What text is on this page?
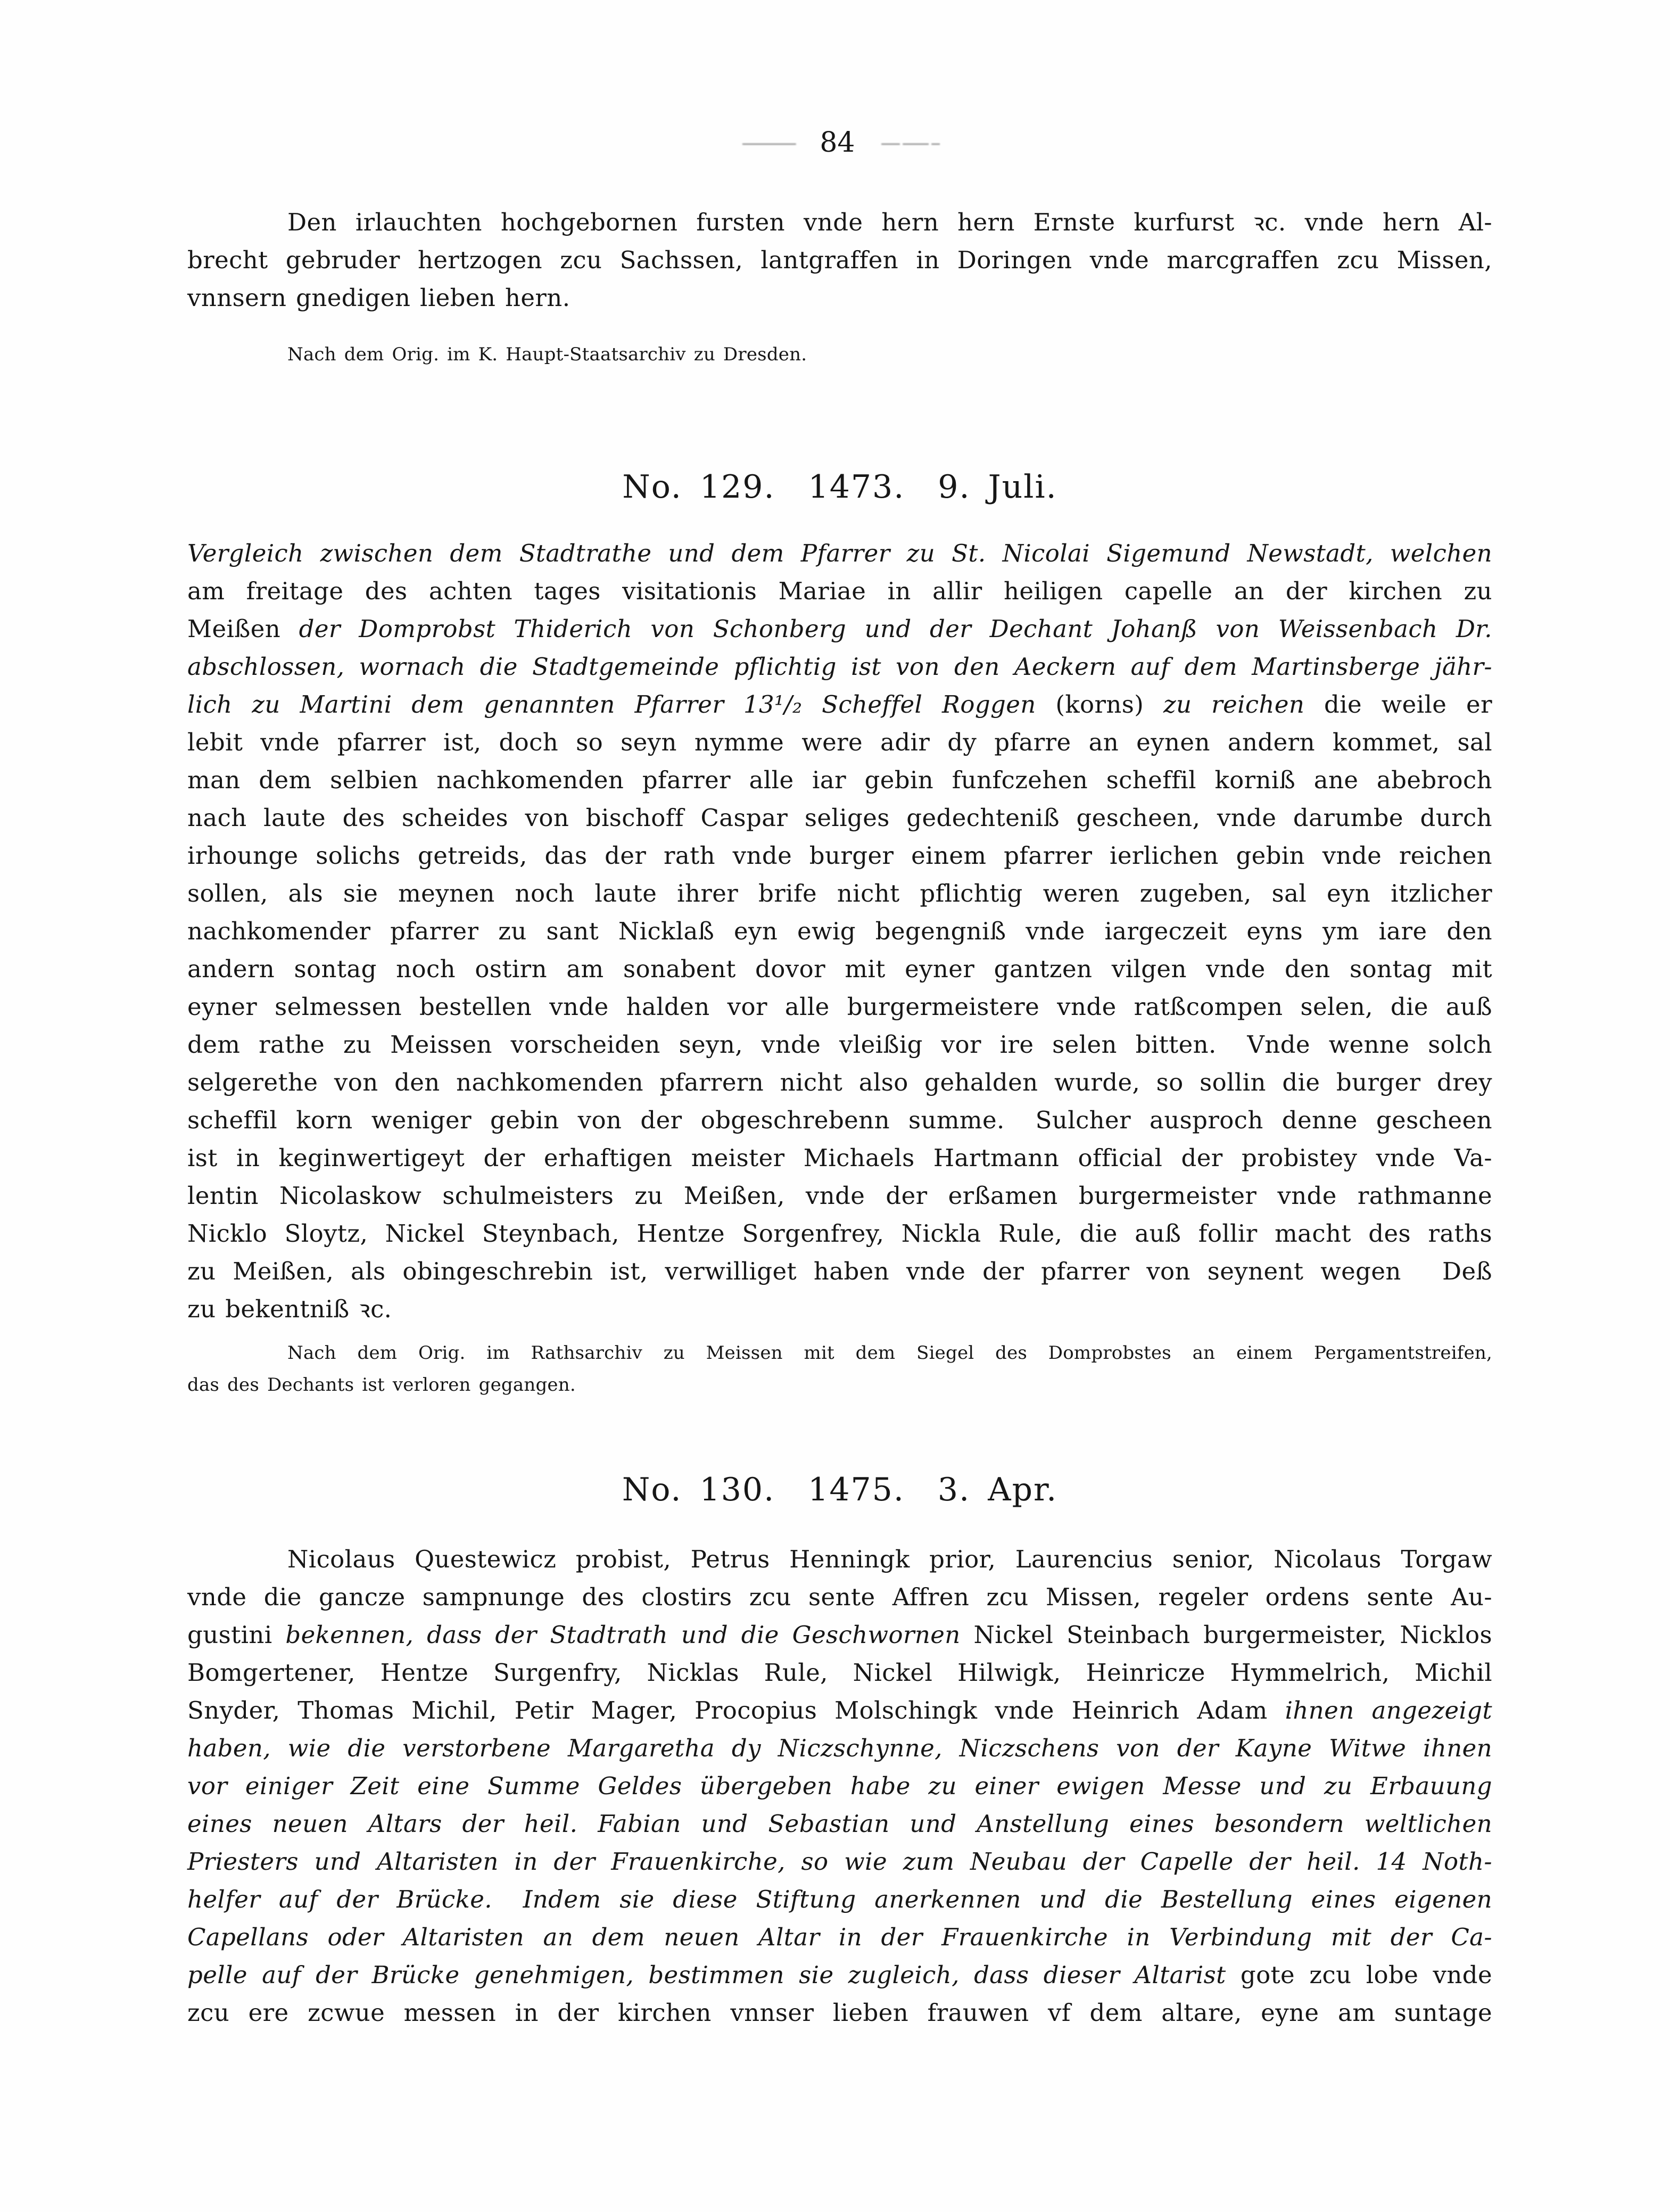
——— 84 — —– –
Den irlauchten hochgebornen fursten vnde hern hern Ernste kurfurst ꝛc. vnde hern Al-
brecht gebruder hertzogen zcu Sachssen, lantgraffen in Doringen vnde marcgraffen zcu Missen,
vnnsern gnedigen lieben hern.
Nach dem Orig. im K. Haupt-Staatsarchiv zu Dresden.
No. 129. 1473. 9. Juli.
Vergleich zwischen dem Stadtrathe und dem Pfarrer zu St. Nicolai Sigemund Newstadt, welchen
am freitage des achten tages visitationis Mariae in allir heiligen capelle an der kirchen zu
Meißen der Domprobst Thiderich von Schonberg und der Dechant Johanß von Weissenbach Dr.
abschlossen, wornach die Stadtgemeinde pflichtig ist von den Aeckern auf dem Martinsberge jähr-
lich zu Martini dem genannten Pfarrer 13¹/₂ Scheffel Roggen (korns) zu reichen die weile er
lebit vnde pfarrer ist, doch so seyn nymme were adir dy pfarre an eynen andern kommet, sal
man dem selbien nachkomenden pfarrer alle iar gebin funfczehen scheffil korniß ane abebroch
nach laute des scheides von bischoff Caspar seliges gedechteniß gescheen, vnde darumbe durch
irhounge solichs getreids, das der rath vnde burger einem pfarrer ierlichen gebin vnde reichen
sollen, als sie meynen noch laute ihrer brife nicht pflichtig weren zugeben, sal eyn itzlicher
nachkomender pfarrer zu sant Nicklaß eyn ewig begengniß vnde iargeczeit eyns ym iare den
andern sontag noch ostirn am sonabent dovor mit eyner gantzen vilgen vnde den sontag mit
eyner selmessen bestellen vnde halden vor alle burgermeistere vnde ratßcompen selen, die auß
dem rathe zu Meissen vorscheiden seyn, vnde vleißig vor ire selen bitten.  Vnde wenne solch
selgerethe von den nachkomenden pfarrern nicht also gehalden wurde, so sollin die burger drey
scheffil korn weniger gebin von der obgeschrebenn summe.  Sulcher ausproch denne gescheen
ist in keginwertigeyt der erhaftigen meister Michaels Hartmann official der probistey vnde Va-
lentin Nicolaskow schulmeisters zu Meißen, vnde der erßamen burgermeister vnde rathmanne
Nicklo Sloytz, Nickel Steynbach, Hentze Sorgenfrey, Nickla Rule, die auß follir macht des raths
zu Meißen, als obingeschrebin ist, verwilliget haben vnde der pfarrer von seynent wegen  Deß
zu bekentniß ꝛc.
Nach dem Orig. im Rathsarchiv zu Meissen mit dem Siegel des Domprobstes an einem Pergamentstreifen,
das des Dechants ist verloren gegangen.
No. 130. 1475. 3. Apr.
Nicolaus Questewicz probist, Petrus Henningk prior, Laurencius senior, Nicolaus Torgaw
vnde die gancze sampnunge des clostirs zcu sente Affren zcu Missen, regeler ordens sente Au-
gustini bekennen, dass der Stadtrath und die Geschwornen Nickel Steinbach burgermeister, Nicklos
Bomgertener, Hentze Surgenfry, Nicklas Rule, Nickel Hilwigk, Heinricze Hymmelrich, Michil
Snyder, Thomas Michil, Petir Mager, Procopius Molschingk vnde Heinrich Adam ihnen angezeigt
haben, wie die verstorbene Margaretha dy Niczschynne, Niczschens von der Kayne Witwe ihnen
vor einiger Zeit eine Summe Geldes übergeben habe zu einer ewigen Messe und zu Erbauung
eines neuen Altars der heil. Fabian und Sebastian und Anstellung eines besondern weltlichen
Priesters und Altaristen in der Frauenkirche, so wie zum Neubau der Capelle der heil. 14 Noth-
helfer auf der Brücke.  Indem sie diese Stiftung anerkennen und die Bestellung eines eigenen
Capellans oder Altaristen an dem neuen Altar in der Frauenkirche in Verbindung mit der Ca-
pelle auf der Brücke genehmigen, bestimmen sie zugleich, dass dieser Altarist gote zcu lobe vnde
zcu ere zcwue messen in der kirchen vnnser lieben frauwen vf dem altare, eyne am suntage
